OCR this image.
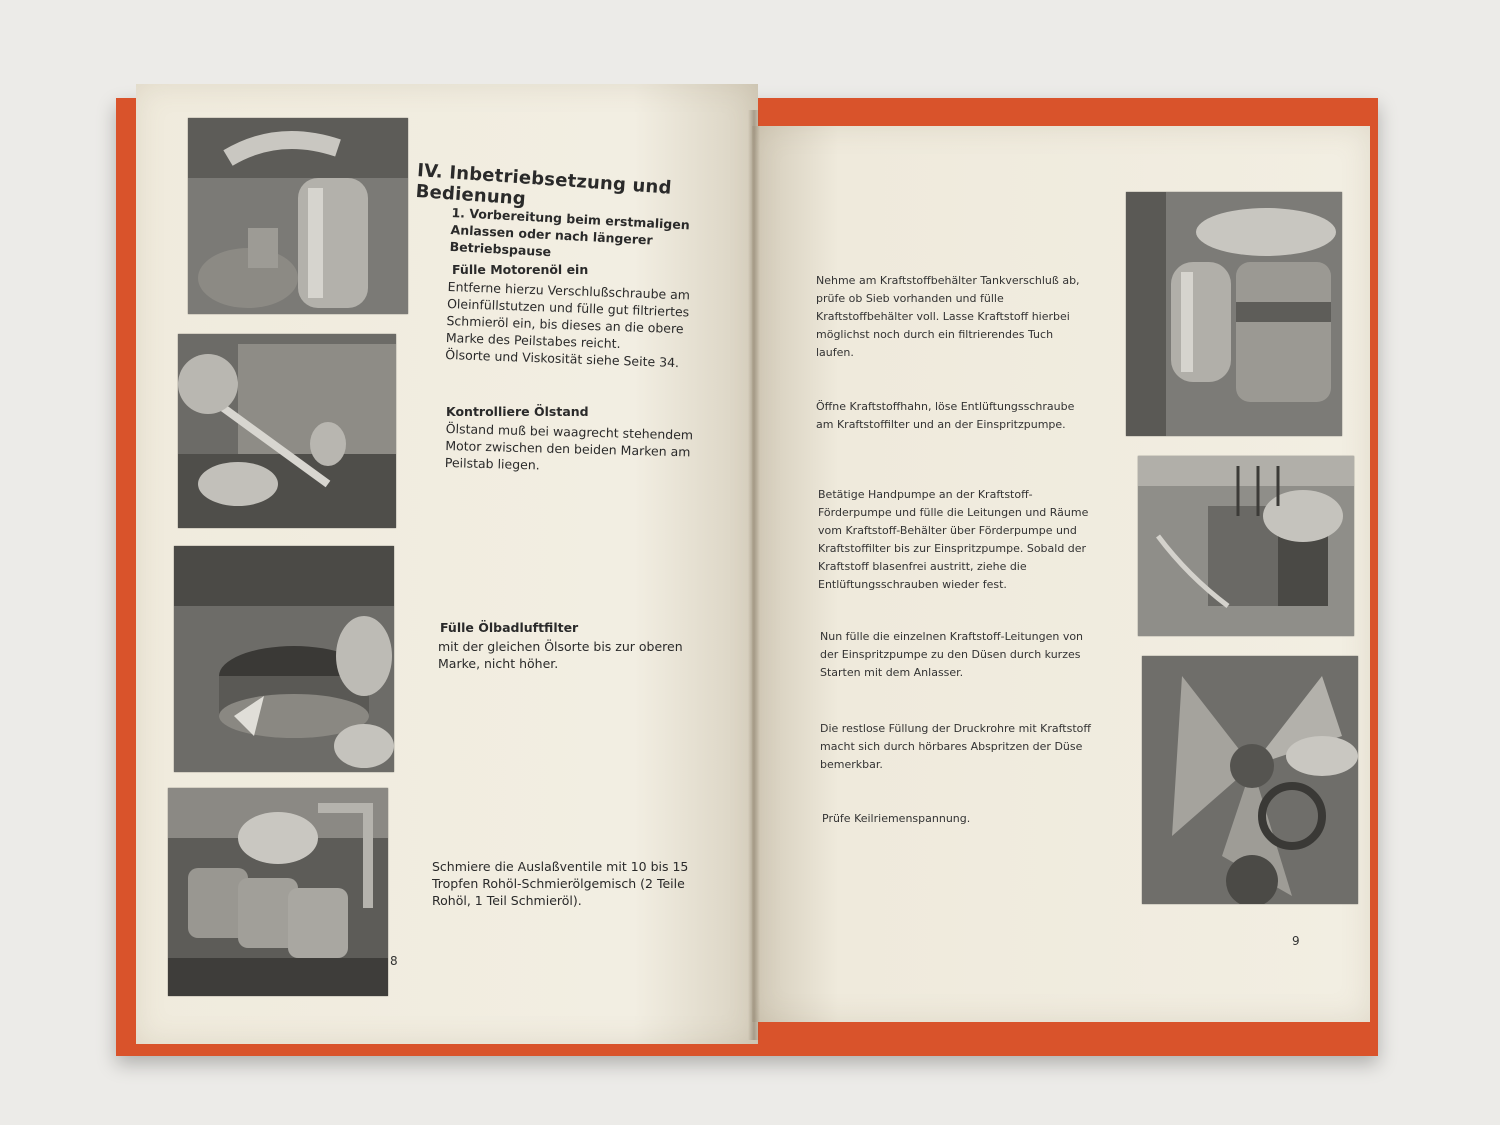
IV. Inbetriebsetzung und Bedienung
1. Vorbereitung beim erstmaligen Anlassen oder nach längerer Betriebspause
Fülle Motorenöl ein
Entferne hierzu Verschlußschraube am Oleinfüllstutzen und fülle gut filtriertes Schmieröl ein, bis dieses an die obere Marke des Peilstabes reicht.
Ölsorte und Viskosität siehe Seite 34.
Kontrolliere Ölstand
Ölstand muß bei waagrecht stehendem Motor zwischen den beiden Marken am Peilstab liegen.
Fülle Ölbadluftfilter
mit der gleichen Ölsorte bis zur oberen Marke, nicht höher.
Schmiere die Auslaßventile mit 10 bis 15 Tropfen Rohöl-Schmierölgemisch (2 Teile Rohöl, 1 Teil Schmieröl).
8
Nehme am Kraftstoffbehälter Tankverschluß ab, prüfe ob Sieb vorhanden und fülle Kraftstoffbehälter voll. Lasse Kraftstoff hierbei möglichst noch durch ein filtrierendes Tuch laufen.
Öffne Kraftstoffhahn, löse Entlüftungsschraube am Kraftstoffilter und an der Einspritzpumpe.
Betätige Handpumpe an der Kraftstoff-Förderpumpe und fülle die Leitungen und Räume vom Kraftstoff-Behälter über Förderpumpe und Kraftstoffilter bis zur Einspritzpumpe. Sobald der Kraftstoff blasenfrei austritt, ziehe die Entlüftungsschrauben wieder fest.
Nun fülle die einzelnen Kraftstoff-Leitungen von der Einspritzpumpe zu den Düsen durch kurzes Starten mit dem Anlasser.
Die restlose Füllung der Druckrohre mit Kraftstoff macht sich durch hörbares Abspritzen der Düse bemerkbar.
Prüfe Keilriemenspannung.
9
